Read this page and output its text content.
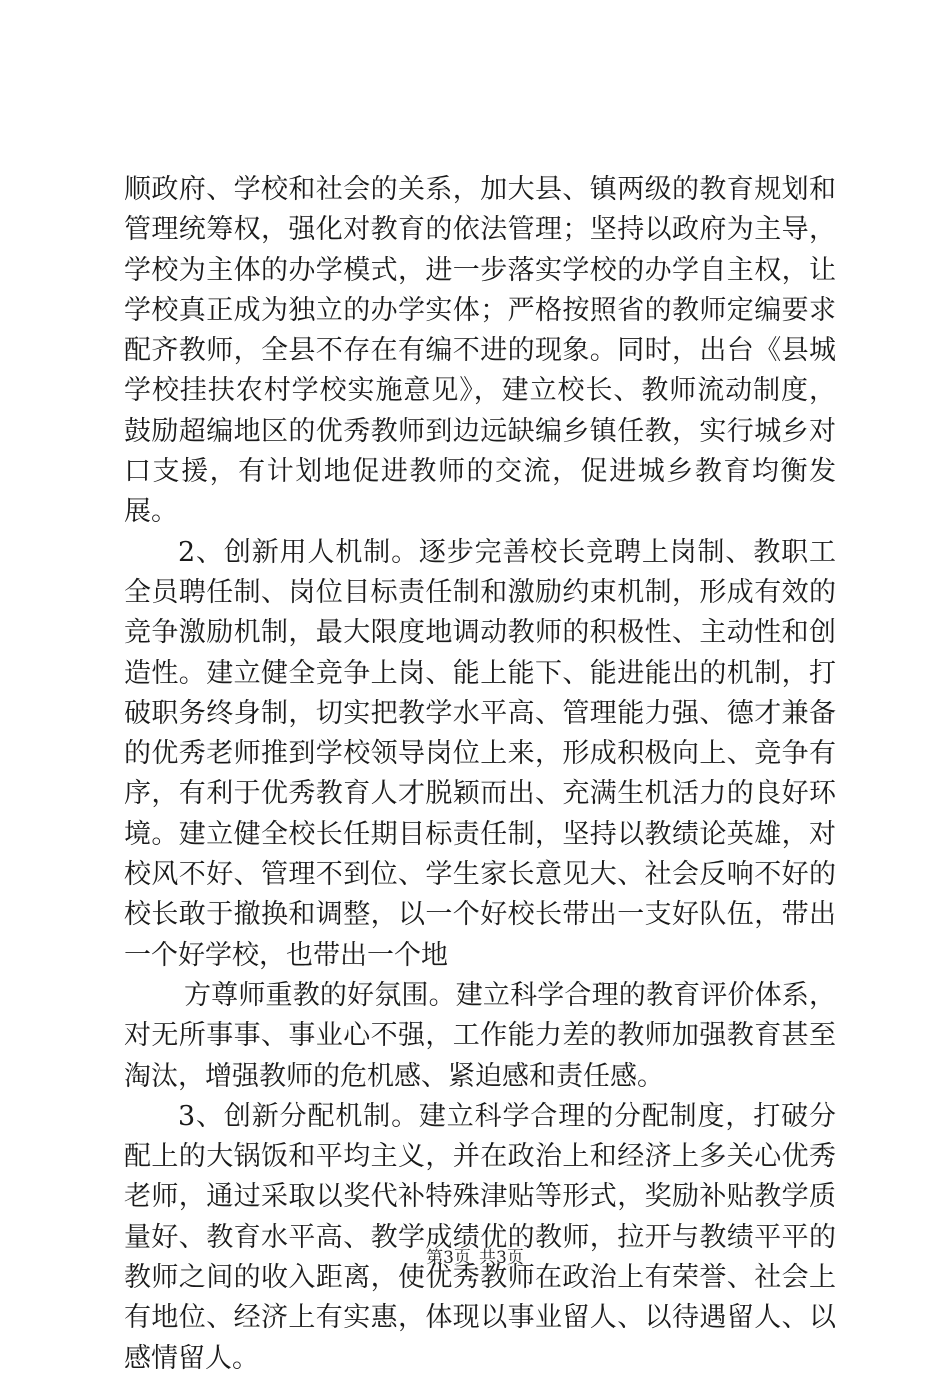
顺政府、学校和社会的关系，加大县、镇两级的教育规划和管理统筹权，强化对教育的依法管理；坚持以政府为主导，学校为主体的办学模式，进一步落实学校的办学自主权，让学校真正成为独立的办学实体；严格按照省的教师定编要求配齐教师，全县不存在有编不进的现象。同时，出台《县城学校挂扶农村学校实施意见》，建立校长、教师流动制度，鼓励超编地区的优秀教师到边远缺编乡镇任教，实行城乡对口支援，有计划地促进教师的交流，促进城乡教育均衡发展。

2、创新用人机制。逐步完善校长竞聘上岗制、教职工全员聘任制、岗位目标责任制和激励约束机制，形成有效的竞争激励机制，最大限度地调动教师的积极性、主动性和创造性。建立健全竞争上岗、能上能下、能进能出的机制，打破职务终身制，切实把教学水平高、管理能力强、德才兼备的优秀老师推到学校领导岗位上来，形成积极向上、竞争有序，有利于优秀教育人才脱颖而出、充满生机活力的良好环境。建立健全校长任期目标责任制，坚持以教绩论英雄，对校风不好、管理不到位、学生家长意见大、社会反响不好的校长敢于撤换和调整，以一个好校长带出一支好队伍，带出一个好学校，也带出一个地

方尊师重教的好氛围。建立科学合理的教育评价体系，对无所事事、事业心不强，工作能力差的教师加强教育甚至淘汰，增强教师的危机感、紧迫感和责任感。

3、创新分配机制。建立科学合理的分配制度，打破分配上的大锅饭和平均主义，并在政治上和经济上多关心优秀老师，通过采取以奖代补特殊津贴等形式，奖励补贴教学质量好、教育水平高、教学成绩优的教师，拉开与教绩平平的教师之间的收入距离，使优秀教师在政治上有荣誉、社会上有地位、经济上有实惠，体现以事业留人、以待遇留人、以感情留人。

第3页 共3页
